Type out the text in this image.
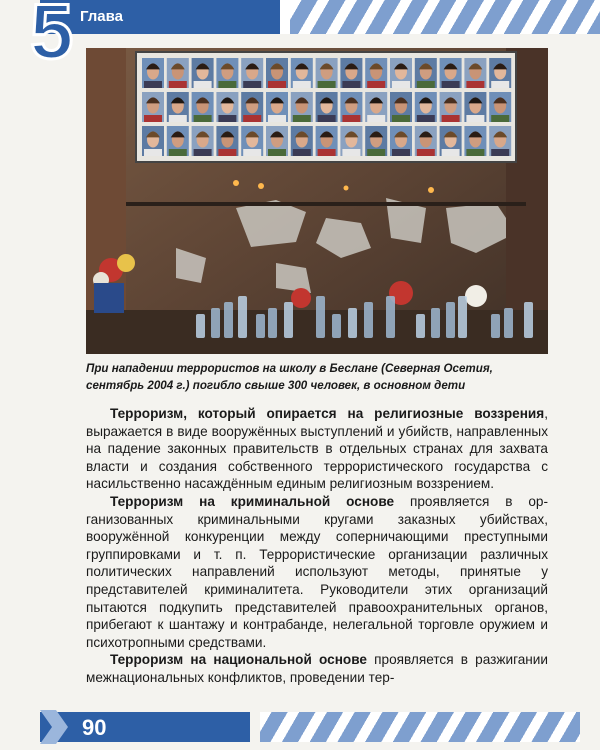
5 Глава
При нападении террористов на школу в Беслане (Северная Осетия, сентябрь 2004 г.) погибло свыше 300 человек, в основном дети

Терроризм, который опирается на религиозные воззрения, выражается в виде вооружённых выступлений и убийств, направленных на падение законных правительств в отдельных странах для захвата власти и создания собственного террористического государства с насильственно насаждённым единым религиозным воззрением.

Терроризм на криминальной основе проявляется в организованных криминальными кругами заказных убийствах, вооружённой конкуренции между соперничающими преступными группировками и т. п. Террористические организации различных политических направлений используют методы, принятые у представителей криминалитета. Руководители этих организаций пытаются подкупить представителей правоохранительных органов, прибегают к шантажу и контрабанде, нелегальной торговле оружием и психотропными средствами.

Терроризм на национальной основе проявляется в разжигании межнациональных конфликтов, проведении тер-

90
